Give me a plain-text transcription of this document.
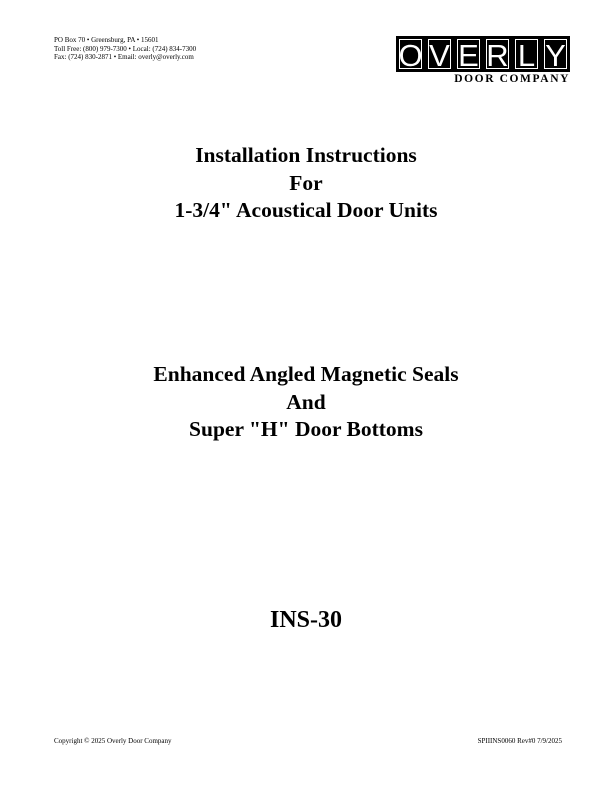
PO Box 70 • Greensburg, PA • 15601
Toll Free: (800) 979-7300 • Local: (724) 834-7300
Fax: (724) 830-2871 • Email: overly@overly.com	O V E R L Y
DOOR COMPANY
Installation Instructions
For
1-3/4" Acoustical Door Units
Enhanced Angled Magnetic Seals
And
Super "H" Door Bottoms
INS-30
Copyright © 2025 Overly Door Company	SPIIINS0060 Rev#0 7/9/2025
